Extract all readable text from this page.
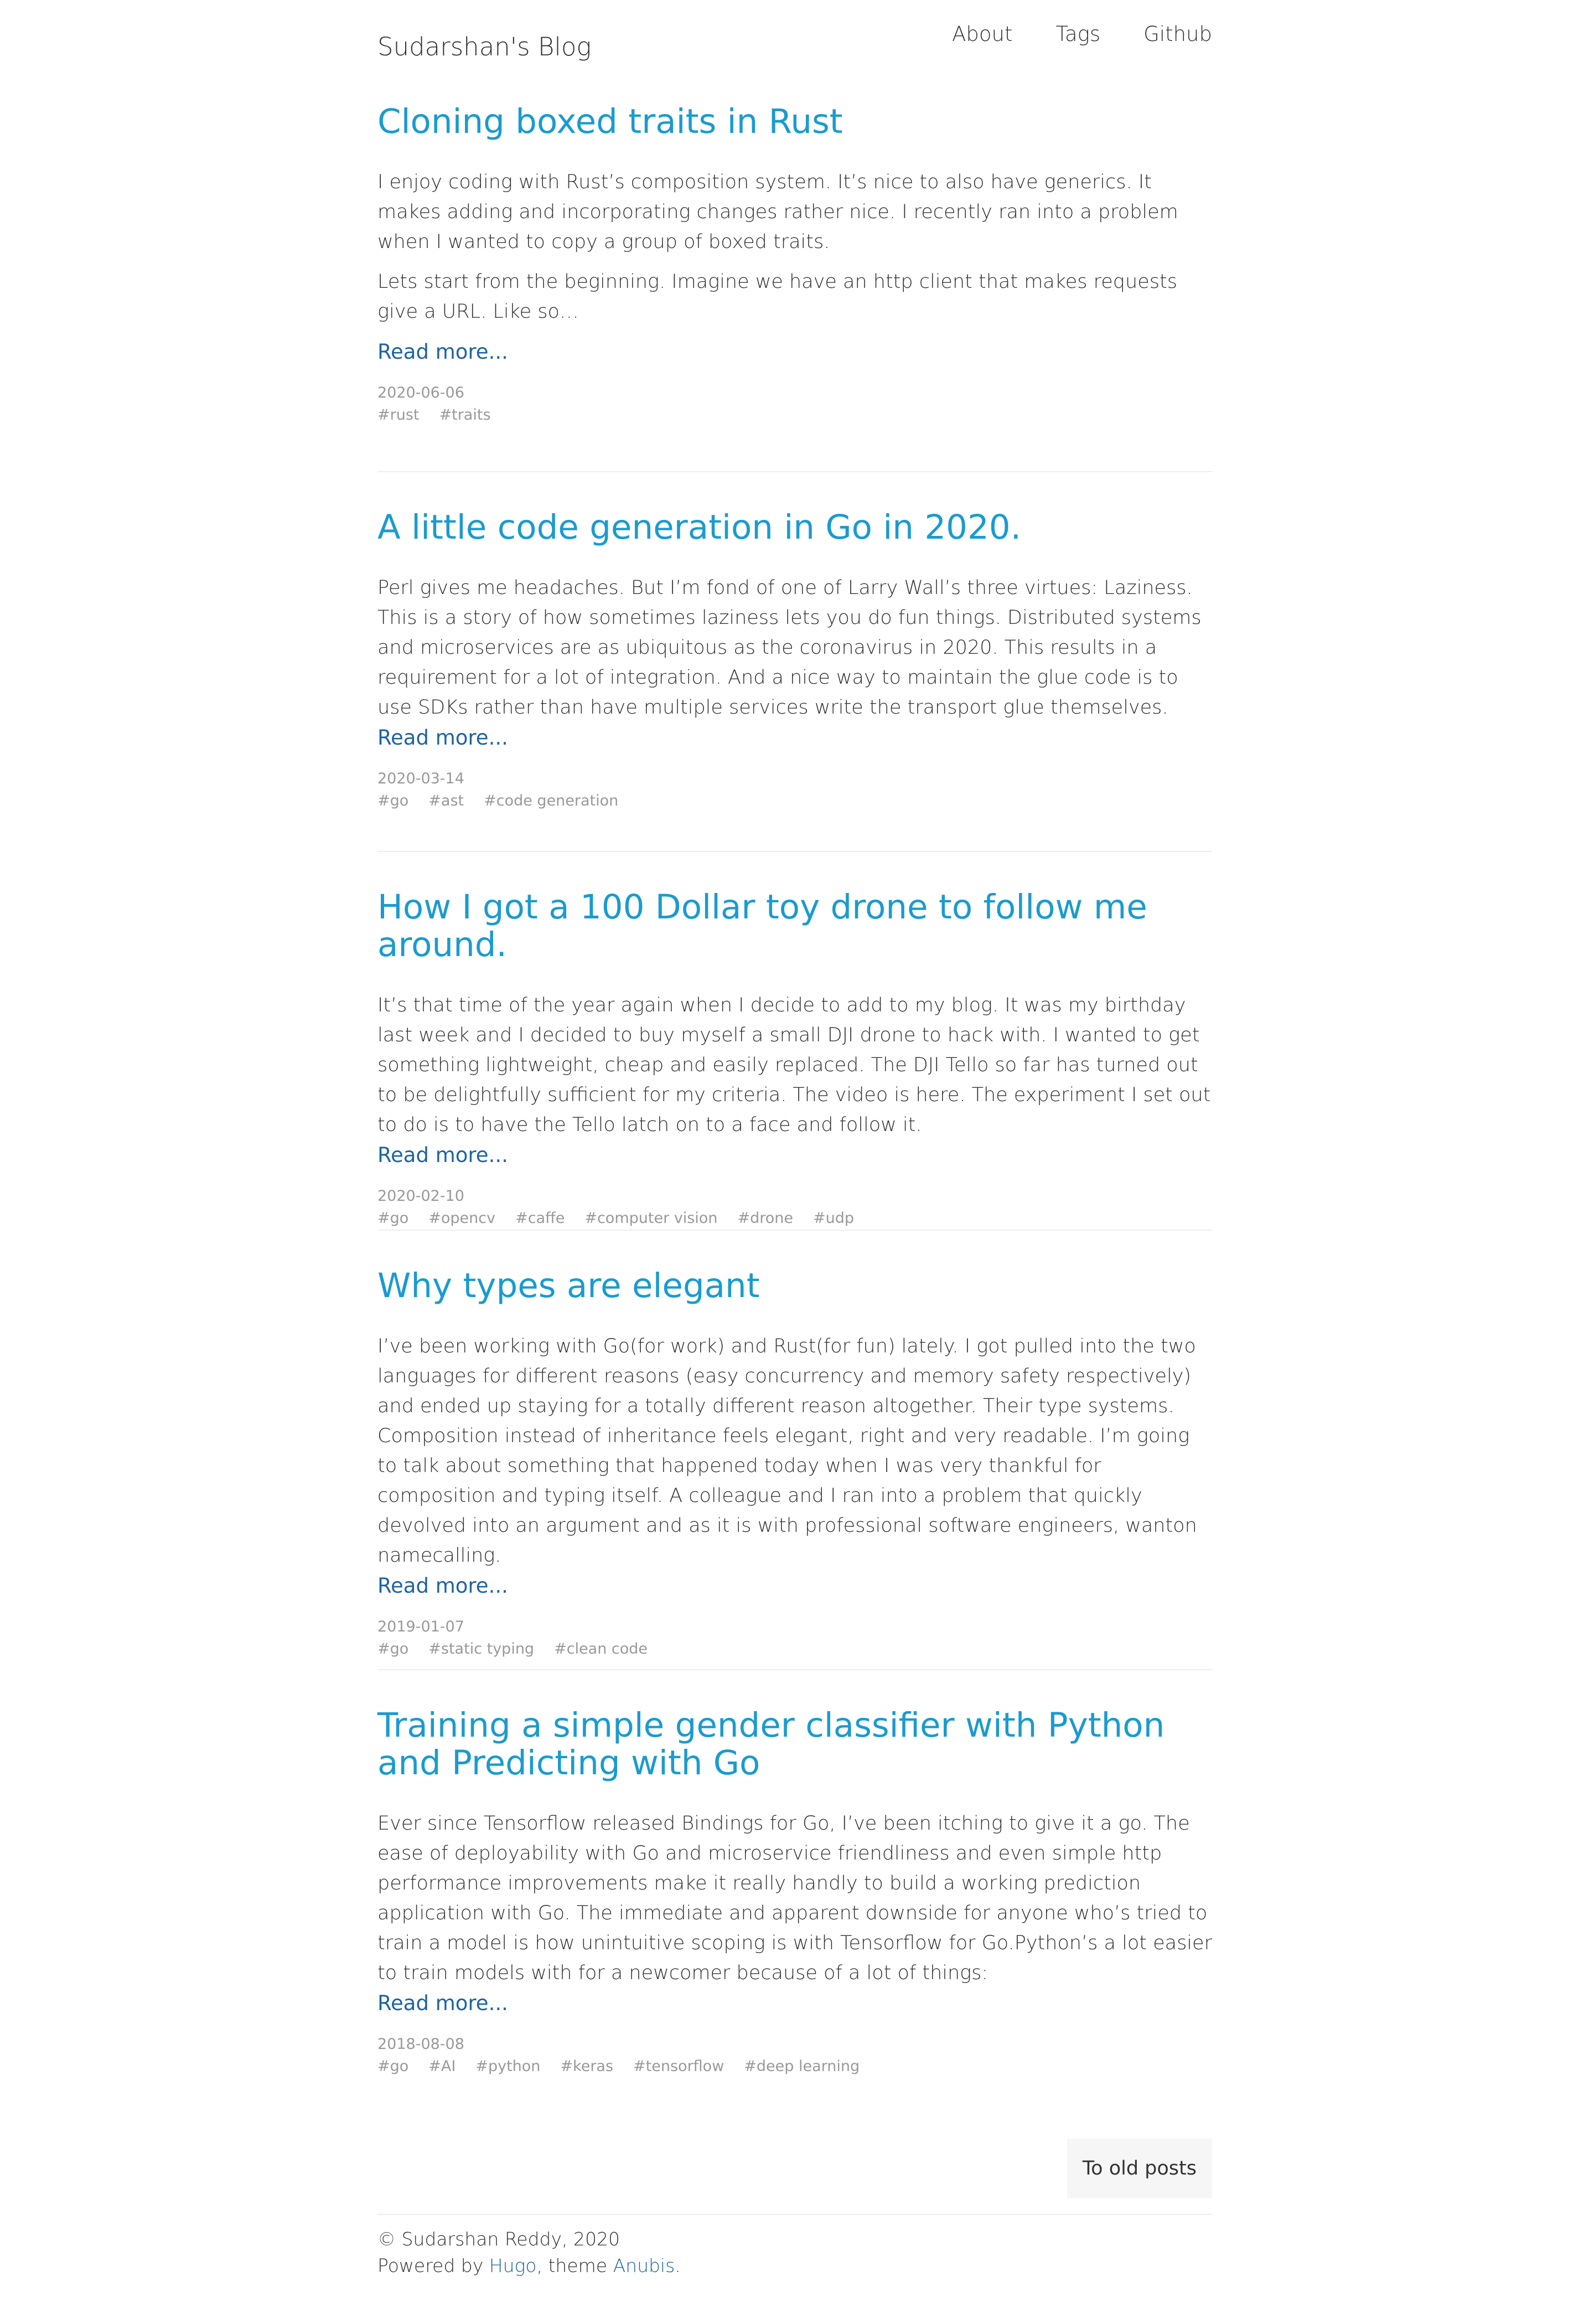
Sudarshan's Blog	About Tags Github
Cloning boxed traits in Rust

I enjoy coding with Rust’s composition system. It’s nice to also have generics. It makes adding and incorporating changes rather nice. I recently ran into a problem when I wanted to copy a group of boxed traits.

Lets start from the beginning. Imagine we have an http client that makes requests give a URL. Like so…

Read more...
2020-06-06
#rust #traits
A little code generation in Go in 2020.

Perl gives me headaches. But I’m fond of one of Larry Wall’s three virtues: Laziness. This is a story of how sometimes laziness lets you do fun things. Distributed systems and microservices are as ubiquitous as the coronavirus in 2020. This results in a requirement for a lot of integration. And a nice way to maintain the glue code is to use SDKs rather than have multiple services write the transport glue themselves.

Read more...
2020-03-14
#go #ast #code generation
How I got a 100 Dollar toy drone to follow me around.

It’s that time of the year again when I decide to add to my blog. It was my birthday last week and I decided to buy myself a small DJI drone to hack with. I wanted to get something lightweight, cheap and easily replaced. The DJI Tello so far has turned out to be delightfully sufficient for my criteria. The video is here. The experiment I set out to do is to have the Tello latch on to a face and follow it.

Read more...
2020-02-10
#go #opencv #caffe #computer vision #drone #udp
Why types are elegant

I’ve been working with Go(for work) and Rust(for fun) lately. I got pulled into the two languages for different reasons (easy concurrency and memory safety respectively) and ended up staying for a totally different reason altogether. Their type systems. Composition instead of inheritance feels elegant, right and very readable. I’m going to talk about something that happened today when I was very thankful for composition and typing itself. A colleague and I ran into a problem that quickly devolved into an argument and as it is with professional software engineers, wanton namecalling.

Read more...
2019-01-07
#go #static typing #clean code
Training a simple gender classifier with Python and Predicting with Go

Ever since Tensorflow released Bindings for Go, I’ve been itching to give it a go. The ease of deployability with Go and microservice friendliness and even simple http performance improvements make it really handly to build a working prediction application with Go. The immediate and apparent downside for anyone who’s tried to train a model is how unintuitive scoping is with Tensorflow for Go.Python’s a lot easier to train models with for a newcomer because of a lot of things:

Read more...
2018-08-08
#go #AI #python #keras #tensorflow #deep learning
To old posts
© Sudarshan Reddy, 2020
Powered by Hugo, theme Anubis.
